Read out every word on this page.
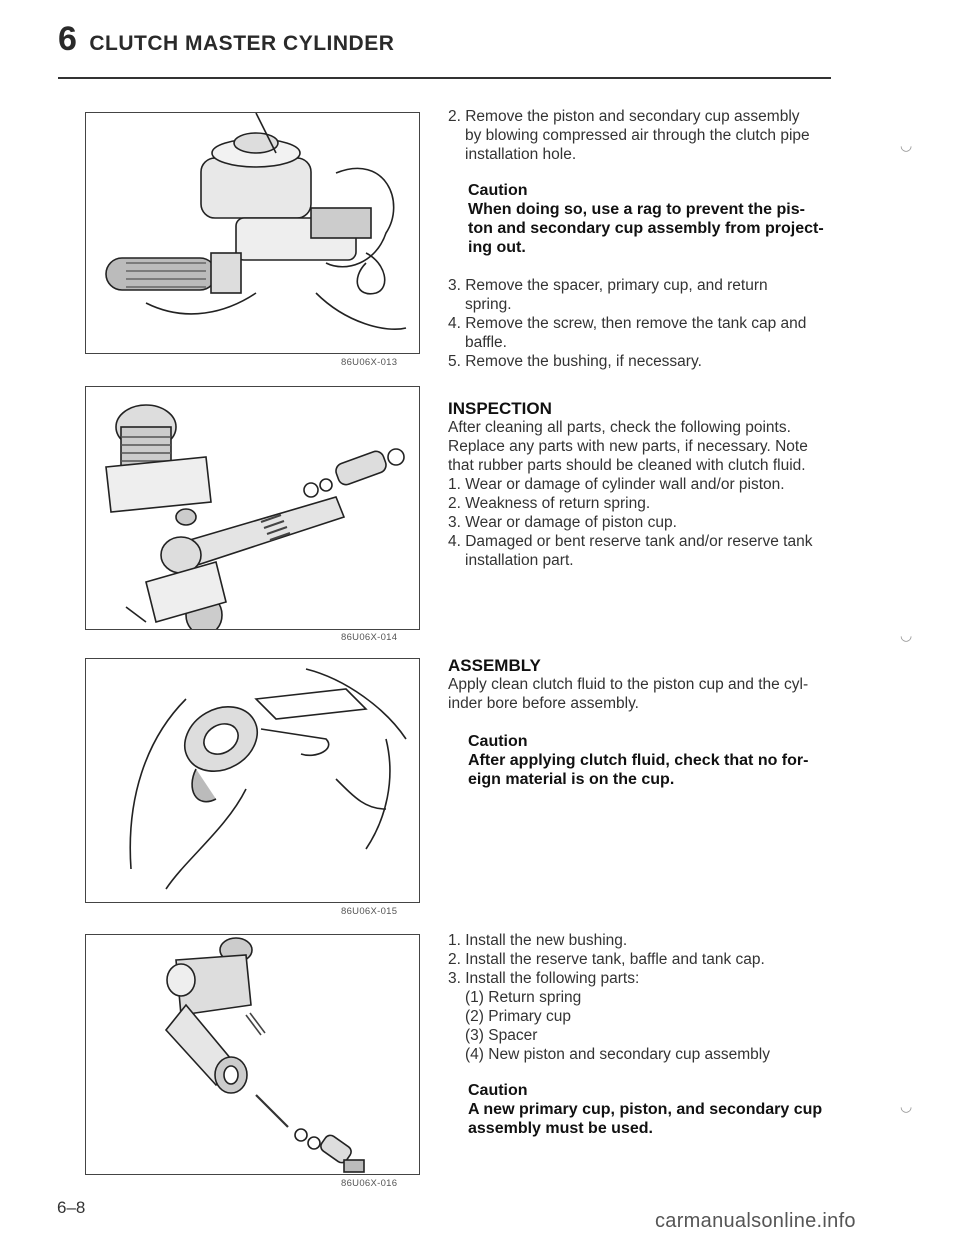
6 CLUTCH MASTER CYLINDER
86U06X-013
86U06X-014
86U06X-015
86U06X-016

2. Remove the piston and secondary cup assembly

by blowing compressed air through the clutch pipe

installation hole.

Caution

When doing so, use a rag to prevent the pis-

ton and secondary cup assembly from project-

ing out.

3. Remove the spacer, primary cup, and return

spring.

4. Remove the screw, then remove the tank cap and

baffle.

5. Remove the bushing, if necessary.

INSPECTION

After cleaning all parts, check the following points.

Replace any parts with new parts, if necessary. Note

that rubber parts should be cleaned with clutch fluid.

1. Wear or damage of cylinder wall and/or piston.

2. Weakness of return spring.

3. Wear or damage of piston cup.

4. Damaged or bent reserve tank and/or reserve tank

installation part.

ASSEMBLY

Apply clean clutch fluid to the piston cup and the cyl-

inder bore before assembly.

Caution

After applying clutch fluid, check that no for-

eign material is on the cup.

1. Install the new bushing.

2. Install the reserve tank, baffle and tank cap.

3. Install the following parts:

(1) Return spring

(2) Primary cup

(3) Spacer

(4) New piston and secondary cup assembly

Caution

A new primary cup, piston, and secondary cup

assembly must be used.

◡
◡
◡
6–8
carmanualsonline.info
